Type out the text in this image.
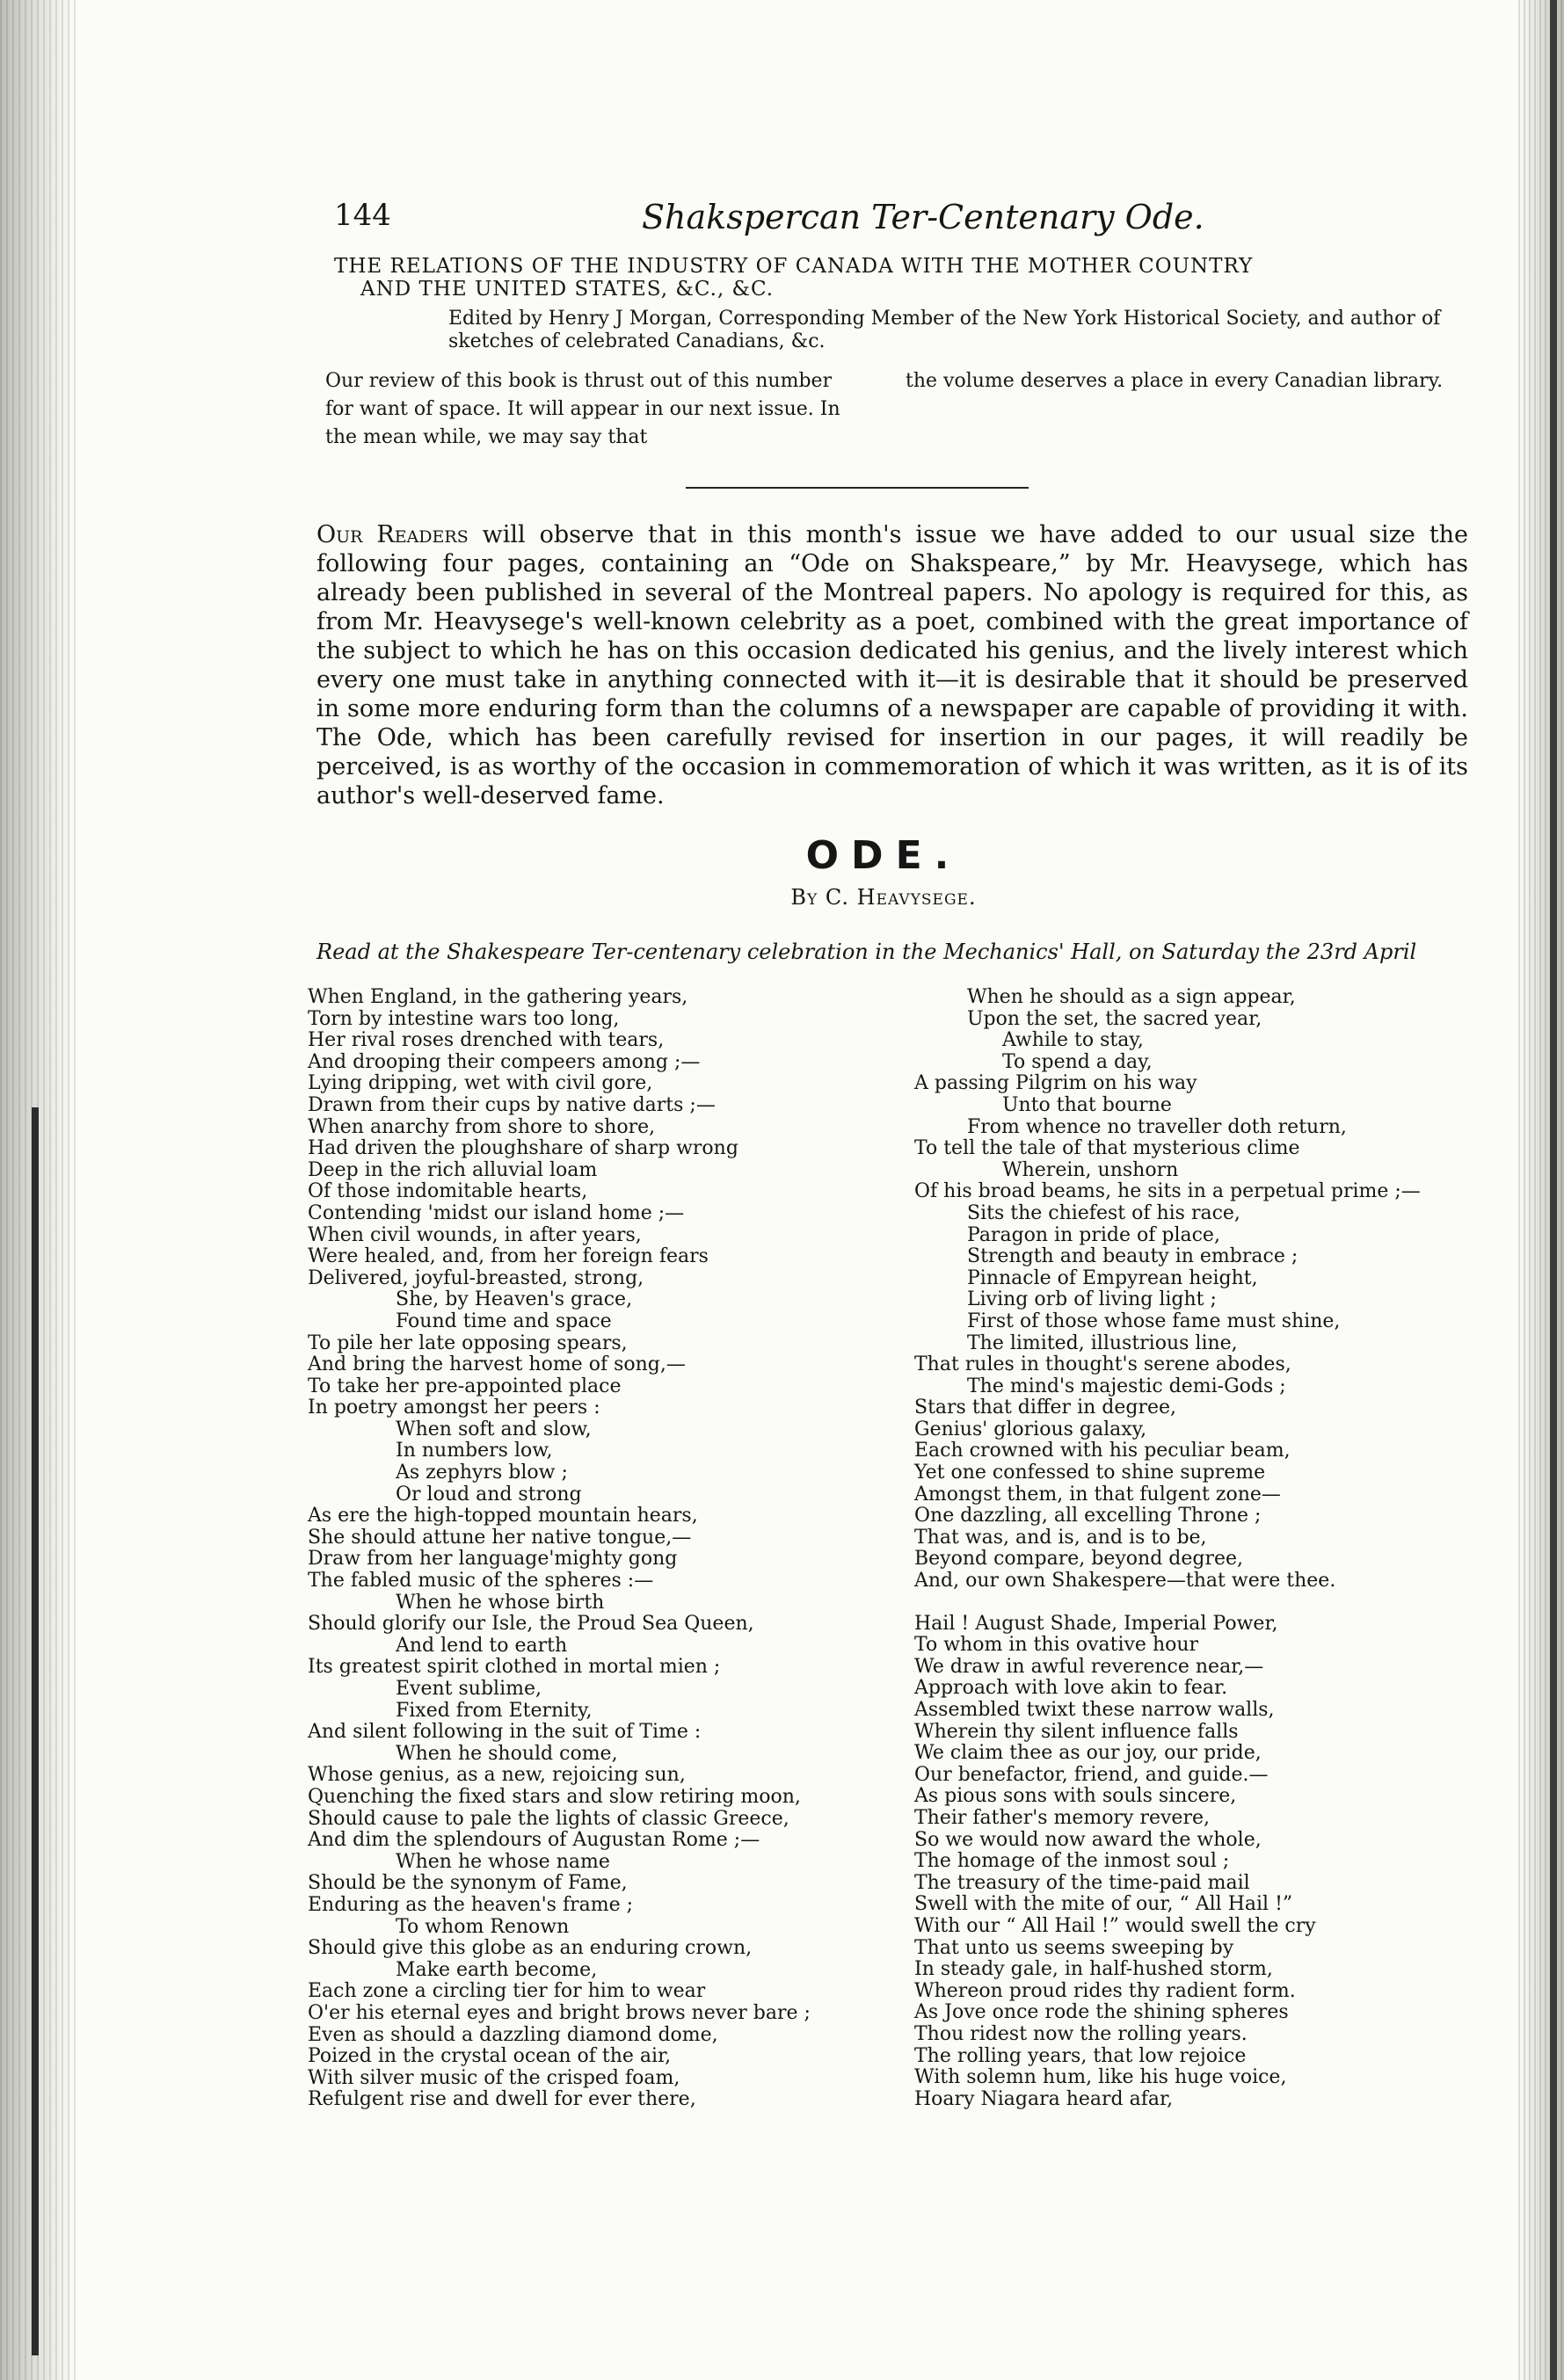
144	Shakspercan Ter-Centenary Ode.
THE RELATIONS OF THE INDUSTRY OF CANADA WITH THE MOTHER COUNTRY
AND THE UNITED STATES, &C., &C.
Edited by Henry J Morgan, Corresponding Member of the New York Historical Society, and author of sketches of celebrated Canadians, &c.

Our review of this book is thrust out of this number for want of space. It will appear in our next issue. In the mean while, we may say that

the volume deserves a place in every Canadian library.

Our Readers will observe that in this month's issue we have added to our usual size the following four pages, containing an “Ode on Shakspeare,” by Mr. Heavysege, which has already been published in several of the Montreal papers. No apology is required for this, as from Mr. Heavysege's well-known celebrity as a poet, combined with the great importance of the subject to which he has on this occasion dedicated his genius, and the lively interest which every one must take in anything connected with it—it is desirable that it should be preserved in some more enduring form than the columns of a newspaper are capable of providing it with. The Ode, which has been carefully revised for insertion in our pages, it will readily be perceived, is as worthy of the occasion in commemoration of which it was written, as it is of its author's well-deserved fame.
ODE.
By C. Heavysege.
Read at the Shakespeare Ter-centenary celebration in the Mechanics' Hall, on Saturday the 23rd April

When England, in the gathering years,

Torn by intestine wars too long,

Her rival roses drenched with tears,

And drooping their compeers among ;—

Lying dripping, wet with civil gore,

Drawn from their cups by native darts ;—

When anarchy from shore to shore,

Had driven the ploughshare of sharp wrong

Deep in the rich alluvial loam

Of those indomitable hearts,

Contending 'midst our island home ;—

When civil wounds, in after years,

Were healed, and, from her foreign fears

Delivered, joyful-breasted, strong,

She, by Heaven's grace,

Found time and space

To pile her late opposing spears,

And bring the harvest home of song,—

To take her pre-appointed place

In poetry amongst her peers :

When soft and slow,

In numbers low,

As zephyrs blow ;

Or loud and strong

As ere the high-topped mountain hears,

She should attune her native tongue,—

Draw from her language'mighty gong

The fabled music of the spheres :—

When he whose birth

Should glorify our Isle, the Proud Sea Queen,

And lend to earth

Its greatest spirit clothed in mortal mien ;

Event sublime,

Fixed from Eternity,

And silent following in the suit of Time :

When he should come,

Whose genius, as a new, rejoicing sun,

Quenching the fixed stars and slow retiring moon,

Should cause to pale the lights of classic Greece,

And dim the splendours of Augustan Rome ;—

When he whose name

Should be the synonym of Fame,

Enduring as the heaven's frame ;

To whom Renown

Should give this globe as an enduring crown,

Make earth become,

Each zone a circling tier for him to wear

O'er his eternal eyes and bright brows never bare ;

Even as should a dazzling diamond dome,

Poized in the crystal ocean of the air,

With silver music of the crisped foam,

Refulgent rise and dwell for ever there,

When he should as a sign appear,

Upon the set, the sacred year,

Awhile to stay,

To spend a day,

A passing Pilgrim on his way

Unto that bourne

From whence no traveller doth return,

To tell the tale of that mysterious clime

Wherein, unshorn

Of his broad beams, he sits in a perpetual prime ;—

Sits the chiefest of his race,

Paragon in pride of place,

Strength and beauty in embrace ;

Pinnacle of Empyrean height,

Living orb of living light ;

First of those whose fame must shine,

The limited, illustrious line,

That rules in thought's serene abodes,

The mind's majestic demi-Gods ;

Stars that differ in degree,

Genius' glorious galaxy,

Each crowned with his peculiar beam,

Yet one confessed to shine supreme

Amongst them, in that fulgent zone—

One dazzling, all excelling Throne ;

That was, and is, and is to be,

Beyond compare, beyond degree,

And, our own Shakespere—that were thee.

Hail ! August Shade, Imperial Power,

To whom in this ovative hour

We draw in awful reverence near,—

Approach with love akin to fear.

Assembled twixt these narrow walls,

Wherein thy silent influence falls

We claim thee as our joy, our pride,

Our benefactor, friend, and guide.—

As pious sons with souls sincere,

Their father's memory revere,

So we would now award the whole,

The homage of the inmost soul ;

The treasury of the time-paid mail

Swell with the mite of our, “ All Hail !”

With our “ All Hail !” would swell the cry

That unto us seems sweeping by

In steady gale, in half-hushed storm,

Whereon proud rides thy radient form.

As Jove once rode the shining spheres

Thou ridest now the rolling years.

The rolling years, that low rejoice

With solemn hum, like his huge voice,

Hoary Niagara heard afar,
